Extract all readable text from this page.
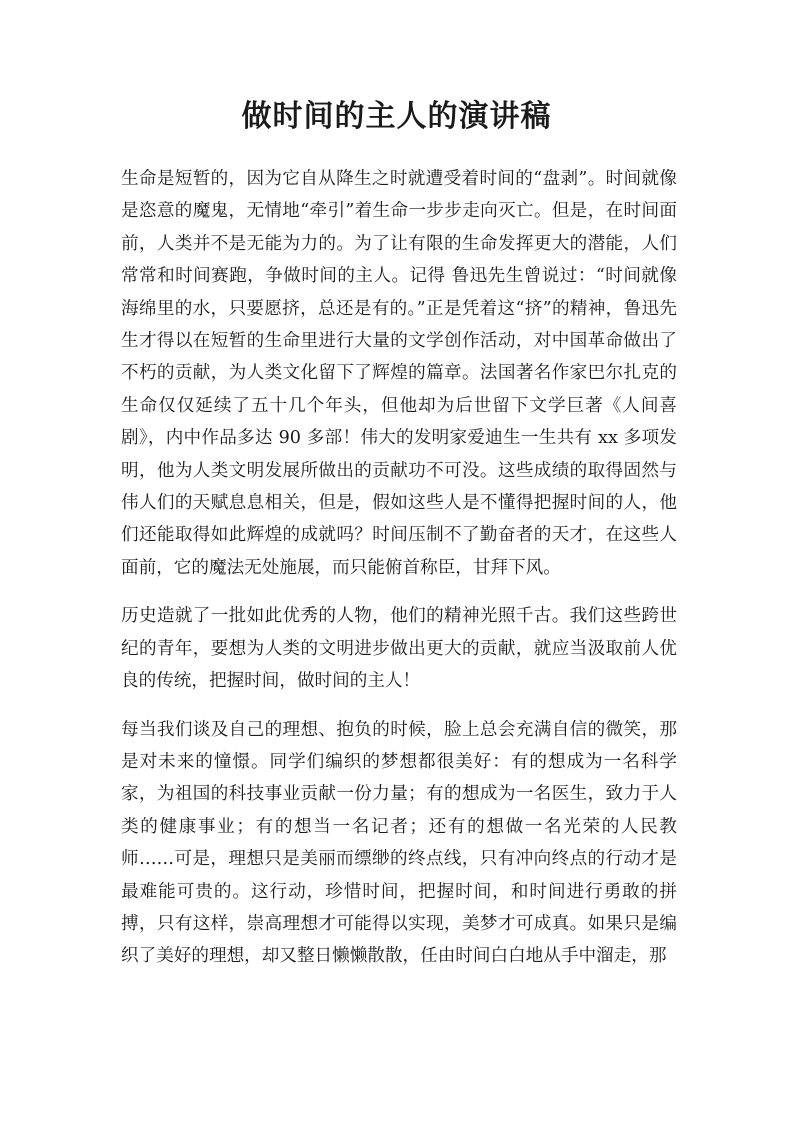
做时间的主人的演讲稿

生命是短暂的，因为它自从降生之时就遭受着时间的“盘剥”。时间就像是恣意的魔鬼，无情地“牵引”着生命一步步走向灭亡。但是，在时间面前，人类并不是无能为力的。为了让有限的生命发挥更大的潜能，人们常常和时间赛跑，争做时间的主人。记得 鲁迅先生曾说过：“时间就像海绵里的水，只要愿挤，总还是有的。”正是凭着这“挤”的精神，鲁迅先生才得以在短暂的生命里进行大量的文学创作活动，对中国革命做出了不朽的贡献，为人类文化留下了辉煌的篇章。法国著名作家巴尔扎克的生命仅仅延续了五十几个年头，但他却为后世留下文学巨著《人间喜剧》，内中作品多达 90 多部！伟大的发明家爱迪生一生共有 xx 多项发明，他为人类文明发展所做出的贡献功不可没。这些成绩的取得固然与伟人们的天赋息息相关，但是，假如这些人是不懂得把握时间的人，他们还能取得如此辉煌的成就吗？时间压制不了勤奋者的天才，在这些人面前，它的魔法无处施展，而只能俯首称臣，甘拜下风。

历史造就了一批如此优秀的人物，他们的精神光照千古。我们这些跨世纪的青年，要想为人类的文明进步做出更大的贡献，就应当汲取前人优良的传统，把握时间，做时间的主人！

每当我们谈及自己的理想、抱负的时候，脸上总会充满自信的微笑，那是对未来的憧憬。同学们编织的梦想都很美好：有的想成为一名科学家，为祖国的科技事业贡献一份力量；有的想成为一名医生，致力于人类的健康事业；有的想当一名记者；还有的想做一名光荣的人民教师……可是，理想只是美丽而缥缈的终点线，只有冲向终点的行动才是最难能可贵的。这行动，珍惜时间，把握时间，和时间进行勇敢的拼搏，只有这样，崇高理想才可能得以实现，美梦才可成真。如果只是编织了美好的理想，却又整日懒懒散散，任由时间白白地从手中溜走，那
